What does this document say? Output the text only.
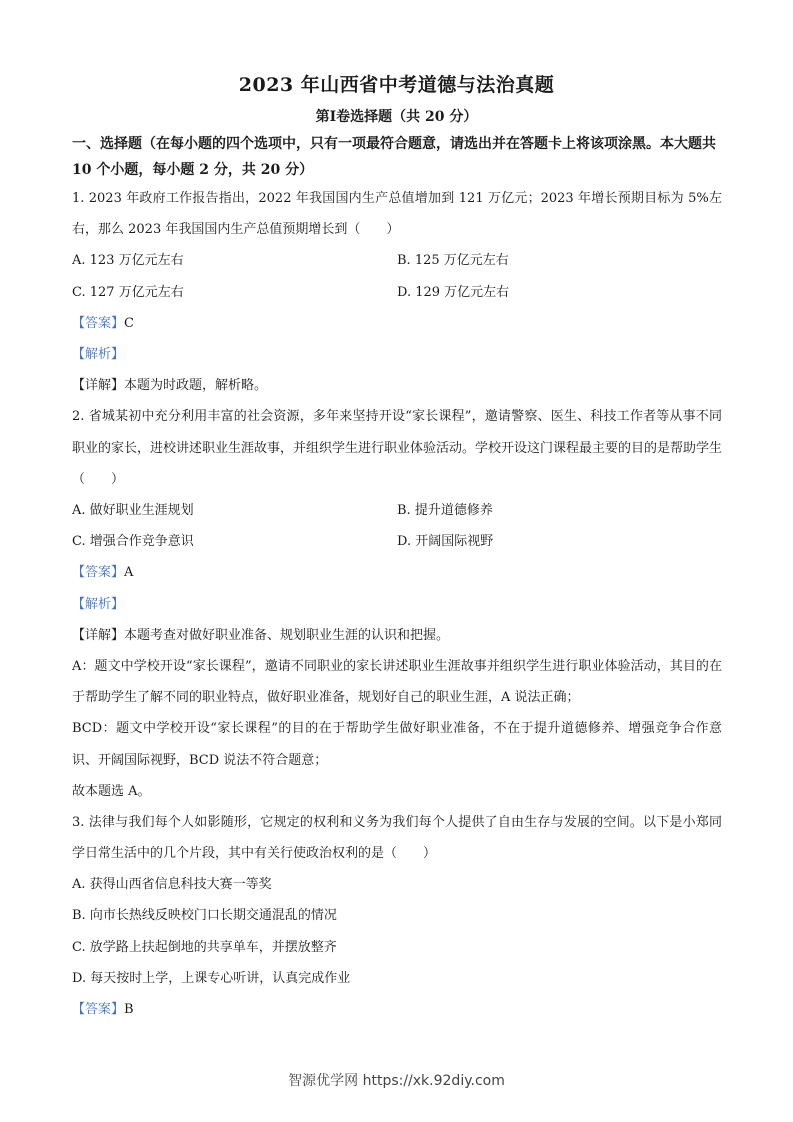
2023 年山西省中考道德与法治真题
第Ⅰ卷选择题（共 20 分）
一、选择题（在每小题的四个选项中，只有一项最符合题意，请选出并在答题卡上将该项涂黑。本大题共 10 个小题，每小题 2 分，共 20 分）
1. 2023 年政府工作报告指出，2022 年我国国内生产总值增加到 121 万亿元；2023 年增长预期目标为 5%左右，那么 2023 年我国国内生产总值预期增长到（　　）
A. 123 万亿元左右	B. 125 万亿元左右
C. 127 万亿元左右	D. 129 万亿元左右
【答案】C
【解析】
【详解】本题为时政题，解析略。
2. 省城某初中充分利用丰富的社会资源，多年来坚持开设“家长课程”，邀请警察、医生、科技工作者等从事不同职业的家长，进校讲述职业生涯故事，并组织学生进行职业体验活动。学校开设这门课程最主要的目的是帮助学生（　　）
A. 做好职业生涯规划	B. 提升道德修养
C. 增强合作竞争意识	D. 开阔国际视野
【答案】A
【解析】
【详解】本题考查对做好职业准备、规划职业生涯的认识和把握。
A：题文中学校开设“家长课程”，邀请不同职业的家长讲述职业生涯故事并组织学生进行职业体验活动，其目的在于帮助学生了解不同的职业特点，做好职业准备，规划好自己的职业生涯，A 说法正确；
BCD：题文中学校开设“家长课程”的目的在于帮助学生做好职业准备，不在于提升道德修养、增强竞争合作意识、开阔国际视野，BCD 说法不符合题意；
故本题选 A。
3. 法律与我们每个人如影随形，它规定的权利和义务为我们每个人提供了自由生存与发展的空间。以下是小郑同学日常生活中的几个片段，其中有关行使政治权利的是（　　）
A. 获得山西省信息科技大赛一等奖
B. 向市长热线反映校门口长期交通混乱的情况
C. 放学路上扶起倒地的共享单车，并摆放整齐
D. 每天按时上学，上课专心听讲，认真完成作业
【答案】B
智源优学网 https://xk.92diy.com
